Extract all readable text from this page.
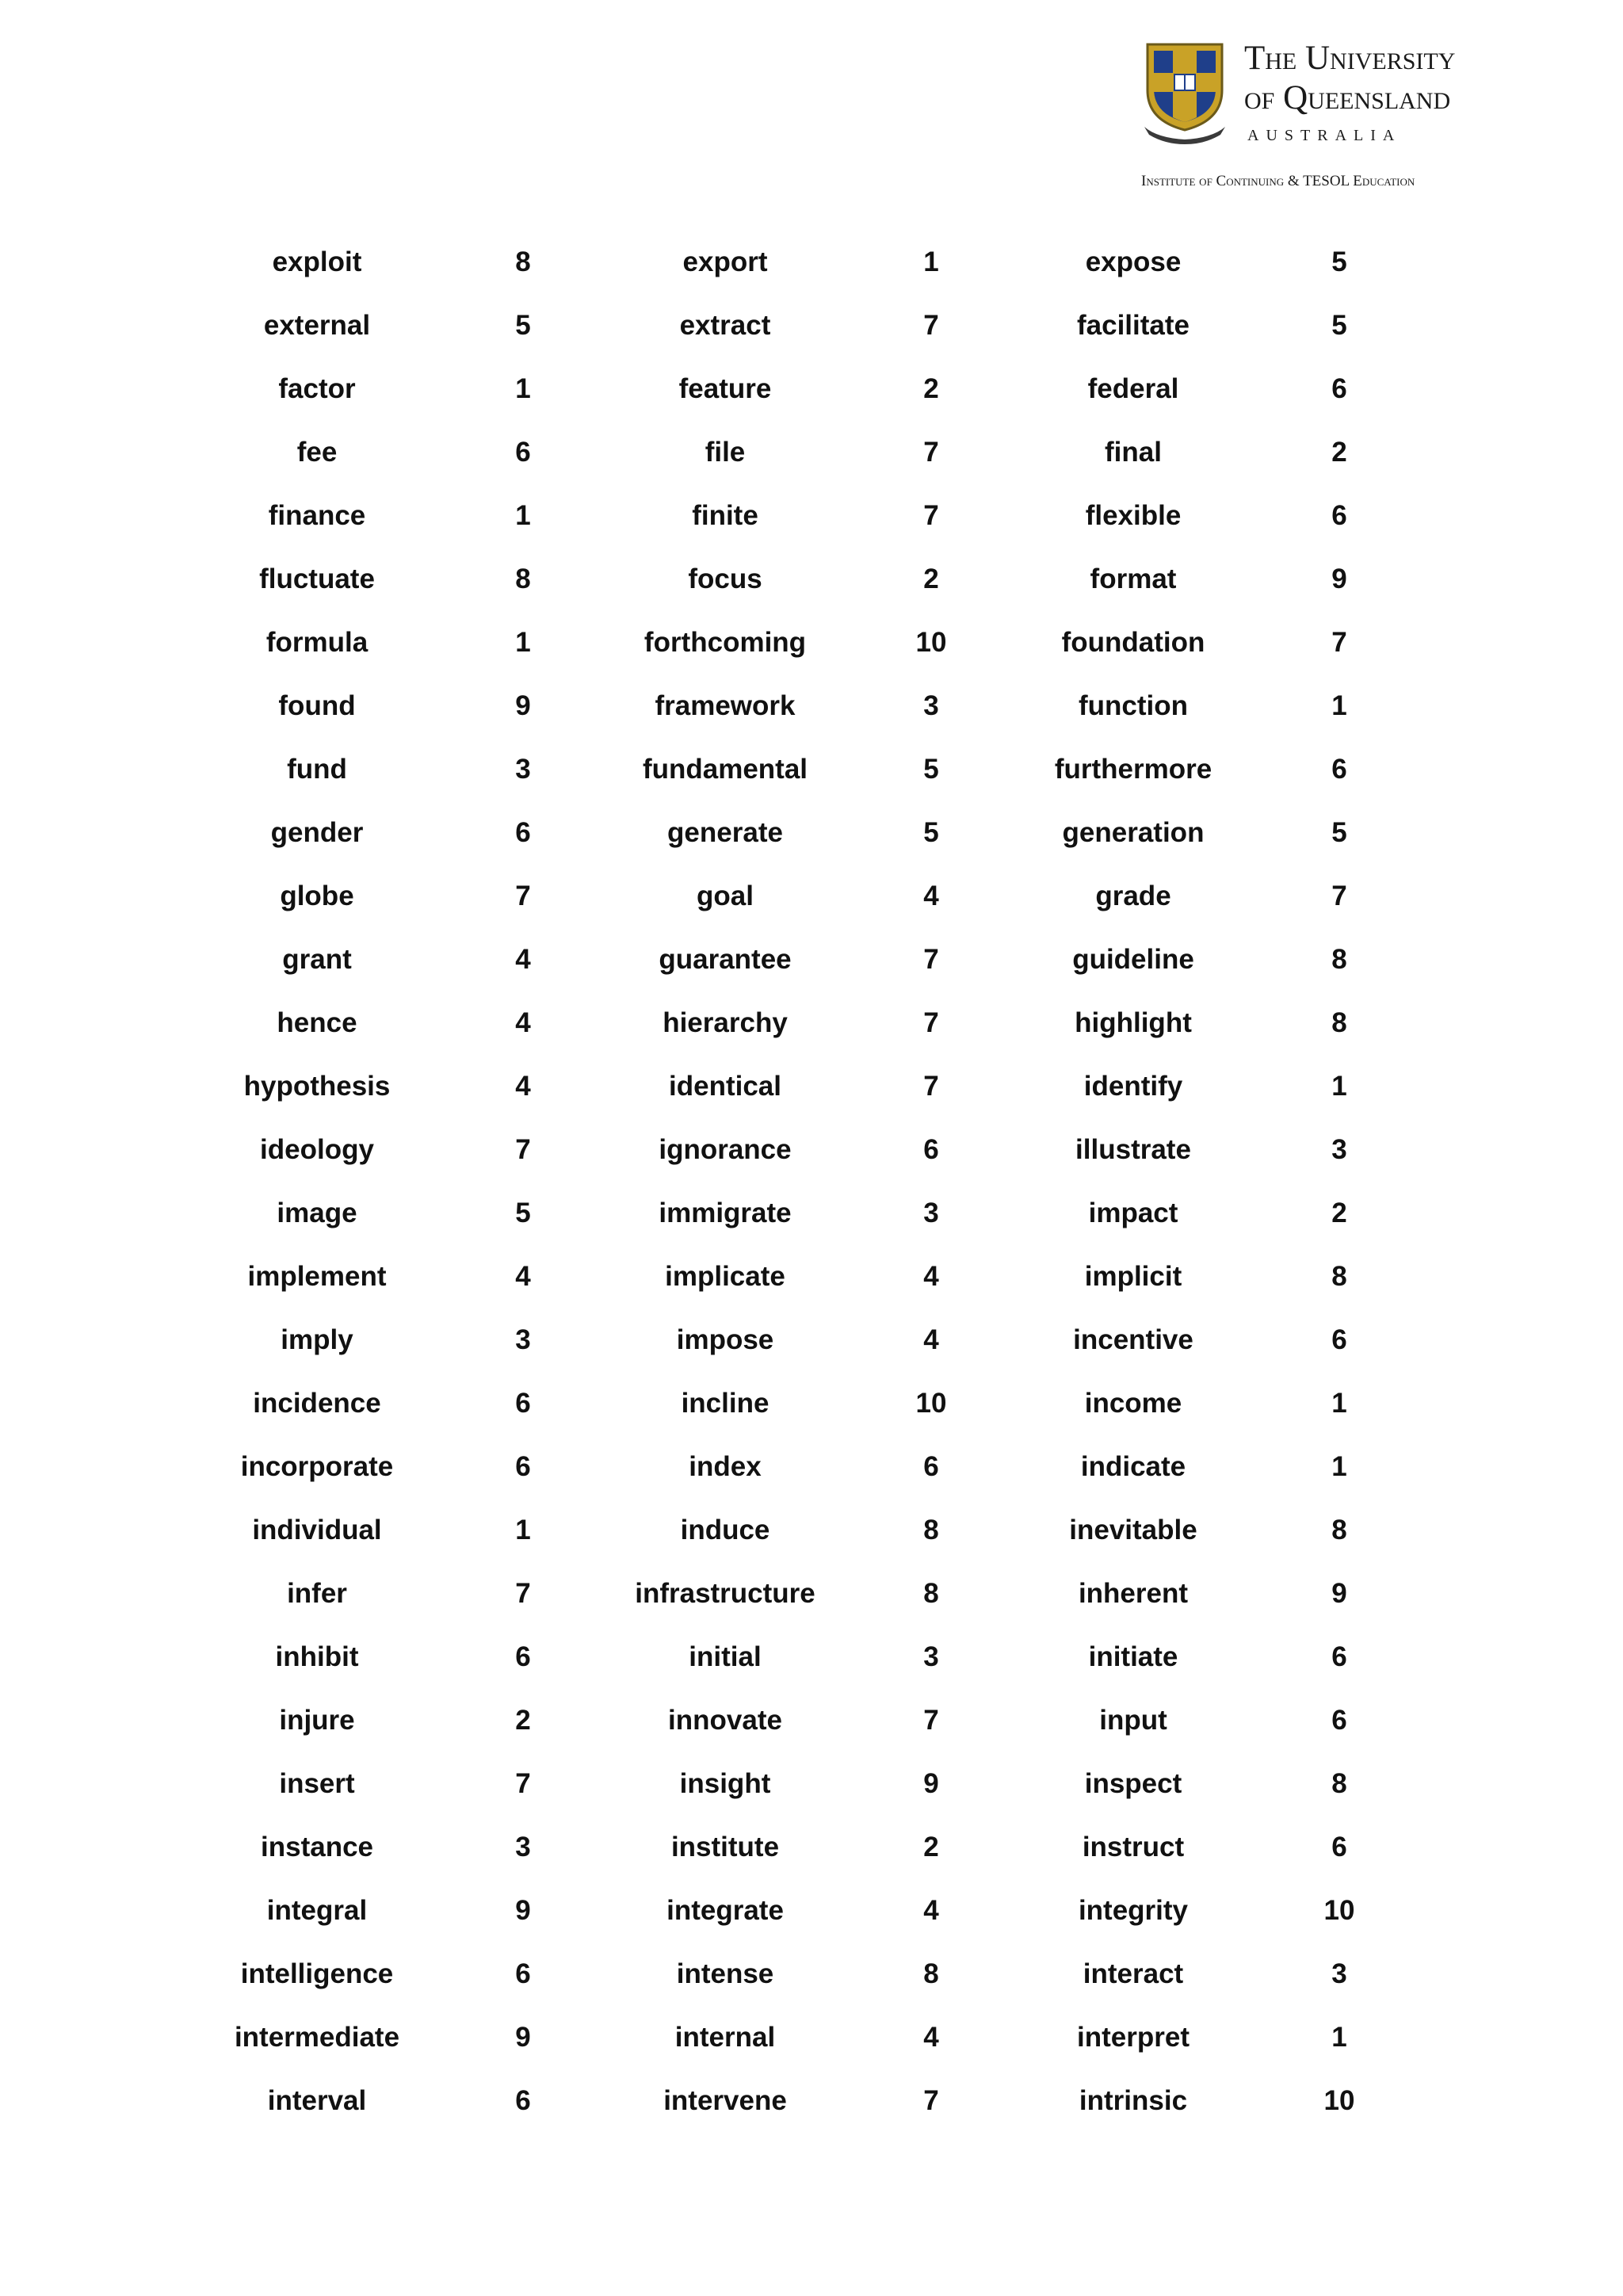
The University
of Queensland
AUSTRALIA
Institute of Continuing & TESOL Education
exploit	8	export	1	expose	5
external	5	extract	7	facilitate	5
factor	1	feature	2	federal	6
fee	6	file	7	final	2
finance	1	finite	7	flexible	6
fluctuate	8	focus	2	format	9
formula	1	forthcoming	10	foundation	7
found	9	framework	3	function	1
fund	3	fundamental	5	furthermore	6
gender	6	generate	5	generation	5
globe	7	goal	4	grade	7
grant	4	guarantee	7	guideline	8
hence	4	hierarchy	7	highlight	8
hypothesis	4	identical	7	identify	1
ideology	7	ignorance	6	illustrate	3
image	5	immigrate	3	impact	2
implement	4	implicate	4	implicit	8
imply	3	impose	4	incentive	6
incidence	6	incline	10	income	1
incorporate	6	index	6	indicate	1
individual	1	induce	8	inevitable	8
infer	7	infrastructure	8	inherent	9
inhibit	6	initial	3	initiate	6
injure	2	innovate	7	input	6
insert	7	insight	9	inspect	8
instance	3	institute	2	instruct	6
integral	9	integrate	4	integrity	10
intelligence	6	intense	8	interact	3
intermediate	9	internal	4	interpret	1
interval	6	intervene	7	intrinsic	10
